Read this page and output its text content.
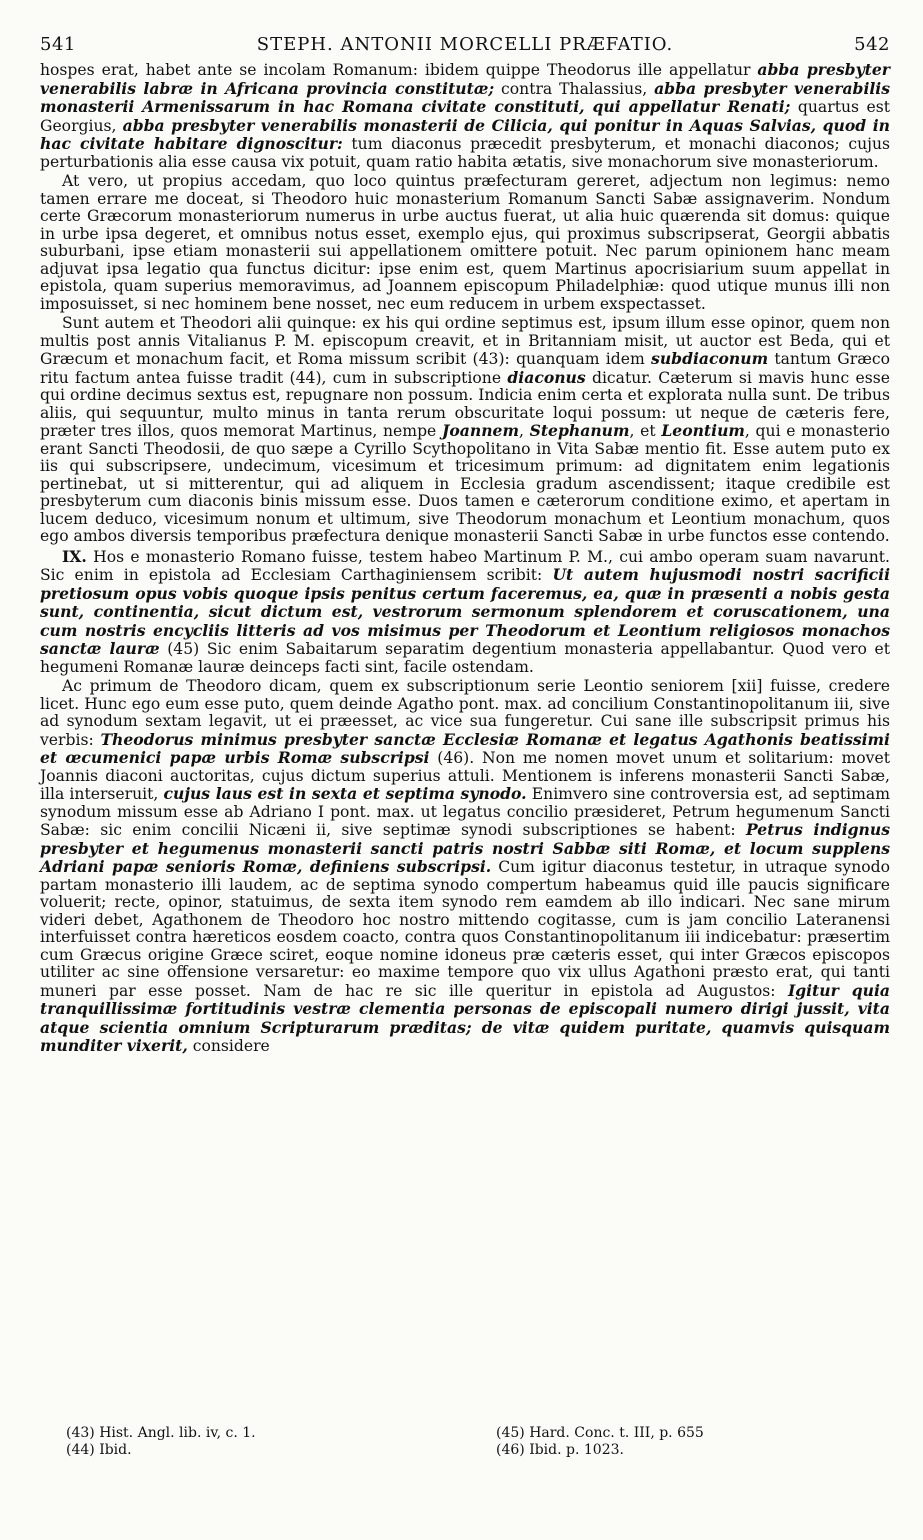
541	STEPH. ANTONII MORCELLI PRÆFATIO.	542

hospes erat, habet ante se incolam Romanum: ibidem quippe Theodorus ille appellatur abba presbyter venerabilis labræ in Africana provincia constitutæ; contra Thalassius, abba presbyter venerabilis monasterii Armenissarum in hac Romana civitate constituti, qui appellatur Renati; quartus est Georgius, abba presbyter venerabilis monasterii de Cilicia, qui ponitur in Aquas Salvias, quod in hac civitate habitare dignoscitur: tum diaconus præcedit presbyterum, et monachi diaconos; cujus perturbationis alia esse causa vix potuit, quam ratio habita ætatis, sive monachorum sive monasteriorum.

At vero, ut propius accedam, quo loco quintus præfecturam gereret, adjectum non legimus: nemo tamen errare me doceat, si Theodoro huic monasterium Romanum Sancti Sabæ assignaverim. Nondum certe Græcorum monasteriorum numerus in urbe auctus fuerat, ut alia huic quærenda sit domus: quique in urbe ipsa degeret, et omnibus notus esset, exemplo ejus, qui proximus subscripserat, Georgii abbatis suburbani, ipse etiam monasterii sui appellationem omittere potuit. Nec parum opinionem hanc meam adjuvat ipsa legatio qua functus dicitur: ipse enim est, quem Martinus apocrisiarium suum appellat in epistola, quam superius memoravimus, ad Joannem episcopum Philadelphiæ: quod utique munus illi non imposuisset, si nec hominem bene nosset, nec eum reducem in urbem exspectasset.

Sunt autem et Theodori alii quinque: ex his qui ordine septimus est, ipsum illum esse opinor, quem non multis post annis Vitalianus P. M. episcopum creavit, et in Britanniam misit, ut auctor est Beda, qui et Græcum et monachum facit, et Roma missum scribit (43): quanquam idem subdiaconum tantum Græco ritu factum antea fuisse tradit (44), cum in subscriptione diaconus dicatur. Cæterum si mavis hunc esse qui ordine decimus sextus est, repugnare non possum. Indicia enim certa et explorata nulla sunt. De tribus aliis, qui sequuntur, multo minus in tanta rerum obscuritate loqui possum: ut neque de cæteris fere, præter tres illos, quos memorat Martinus, nempe Joannem, Stephanum, et Leontium, qui e monasterio erant Sancti Theodosii, de quo sæpe a Cyrillo Scythopolitano in Vita Sabæ mentio fit. Esse autem puto ex iis qui subscripsere, undecimum, vicesimum et tricesimum primum: ad dignitatem enim legationis pertinebat, ut si mitterentur, qui ad aliquem in Ecclesia gradum ascendissent; itaque credibile est presbyterum cum diaconis binis missum esse. Duos tamen e cæterorum conditione eximo, et apertam in lucem deduco, vicesimum nonum et ultimum, sive Theodorum monachum et Leontium monachum, quos ego ambos diversis temporibus præfectura denique monasterii Sancti Sabæ in urbe functos esse contendo.

IX. Hos e monasterio Romano fuisse, testem habeo Martinum P. M., cui ambo operam suam navarunt. Sic enim in epistola ad Ecclesiam Carthaginiensem scribit: Ut autem hujusmodi nostri sacrificii pretiosum opus vobis quoque ipsis penitus certum faceremus, ea, quæ in præsenti a nobis gesta sunt, continentia, sicut dictum est, vestrorum sermonum splendorem et coruscationem, una cum nostris encycliis litteris ad vos misimus per Theodorum et Leontium religiosos monachos sanctæ lauræ (45) Sic enim Sabaitarum separatim degentium monasteria appellabantur. Quod vero et hegumeni Romanæ lauræ deinceps facti sint, facile ostendam.

Ac primum de Theodoro dicam, quem ex subscriptionum serie Leontio seniorem [xii] fuisse, credere licet. Hunc ego eum esse puto, quem deinde Agatho pont. max. ad concilium Constantinopolitanum iii, sive ad synodum sextam legavit, ut ei præesset, ac vice sua fungeretur. Cui sane ille subscripsit primus his verbis: Theodorus minimus presbyter sanctæ Ecclesiæ Romanæ et legatus Agathonis beatissimi et œcumenici papæ urbis Romæ subscripsi (46). Non me nomen movet unum et solitarium: movet Joannis diaconi auctoritas, cujus dictum superius attuli. Mentionem is inferens monasterii Sancti Sabæ, illa interseruit, cujus laus est in sexta et septima synodo. Enimvero sine controversia est, ad septimam synodum missum esse ab Adriano I pont. max. ut legatus concilio præsideret, Petrum hegumenum Sancti Sabæ: sic enim concilii Nicæni ii, sive septimæ synodi subscriptiones se habent: Petrus indignus presbyter et hegumenus monasterii sancti patris nostri Sabbæ siti Romæ, et locum supplens Adriani papæ senioris Romæ, definiens subscripsi. Cum igitur diaconus testetur, in utraque synodo partam monasterio illi laudem, ac de septima synodo compertum habeamus quid ille paucis significare voluerit; recte, opinor, statuimus, de sexta item synodo rem eamdem ab illo indicari. Nec sane mirum videri debet, Agathonem de Theodoro hoc nostro mittendo cogitasse, cum is jam concilio Lateranensi interfuisset contra hæreticos eosdem coacto, contra quos Constantinopolitanum iii indicebatur: præsertim cum Græcus origine Græce sciret, eoque nomine idoneus præ cæteris esset, qui inter Græcos episcopos utiliter ac sine offensione versaretur: eo maxime tempore quo vix ullus Agathoni præsto erat, qui tanti muneri par esse posset. Nam de hac re sic ille queritur in epistola ad Augustos: Igitur quia tranquillissimæ fortitudinis vestræ clementia personas de episcopali numero dirigi jussit, vita atque scientia omnium Scripturarum præditas; de vitæ quidem puritate, quamvis quisquam munditer vixerit, considere

(43) Hist. Angl. lib. iv, c. 1.	(45) Hard. Conc. t. III, p. 655
(44) Ibid.	(46) Ibid. p. 1023.
